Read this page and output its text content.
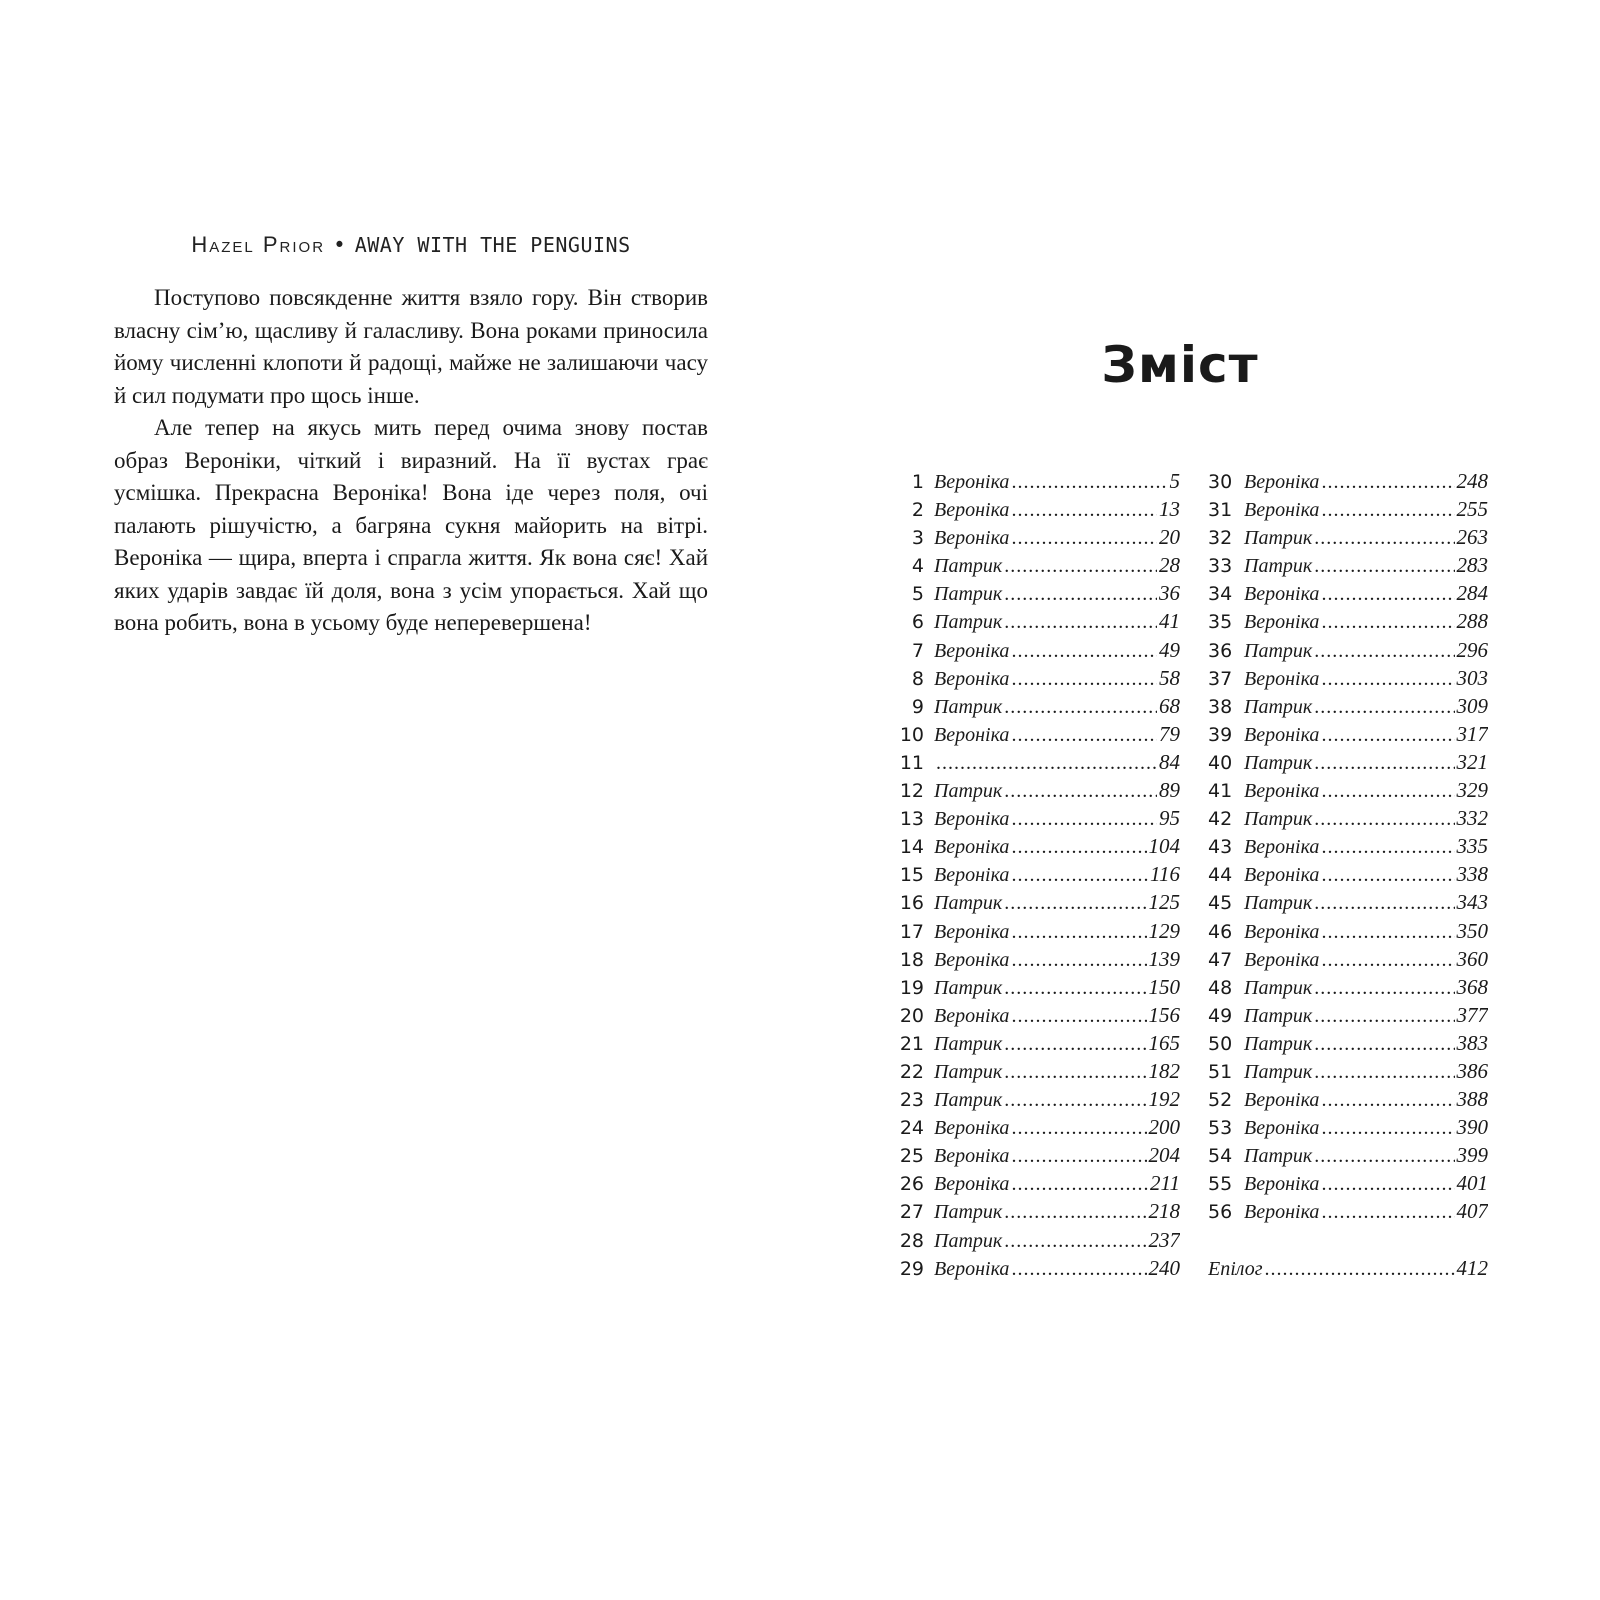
Hazel Prior • AWAY WITH THE PENGUINS

Поступово повсякденне життя взяло гору. Він створив власну сім’ю, щасливу й галасливу. Вона роками приносила йому численні клопоти й радощі, майже не залишаючи часу й сил подумати про щось інше.

Але тепер на якусь мить перед очима знову постав образ Вероніки, чіткий і виразний. На її вустах грає усмішка. Прекрасна Вероніка! Вона іде через поля, очі палають рішучістю, а багряна сукня майорить на вітрі. Вероніка — щира, вперта і спрагла життя. Як вона сяє! Хай яких ударів завдає їй доля, вона з усім упорається. Хай що вона робить, вона в усьому буде неперевершена!

Зміст
1 Вероніка .....	5
2 Вероніка .....	13
3 Вероніка .....	20
4 Патрик .....	28
5 Патрик .....	36
6 Патрик .....	41
7 Вероніка .....	49
8 Вероніка .....	58
9 Патрик .....	68
10 Вероніка .....	79
11 .....	84
12 Патрик .....	89
13 Вероніка .....	95
14 Вероніка .....	104
15 Вероніка .....	116
16 Патрик .....	125
17 Вероніка .....	129
18 Вероніка .....	139
19 Патрик .....	150
20 Вероніка .....	156
21 Патрик .....	165
22 Патрик .....	182
23 Патрик .....	192
24 Вероніка .....	200
25 Вероніка .....	204
26 Вероніка .....	211
27 Патрик .....	218
28 Патрик .....	237
29 Вероніка .....	240
30 Вероніка .....	248
31 Вероніка .....	255
32 Патрик .....	263
33 Патрик .....	283
34 Вероніка .....	284
35 Вероніка .....	288
36 Патрик .....	296
37 Вероніка .....	303
38 Патрик .....	309
39 Вероніка .....	317
40 Патрик .....	321
41 Вероніка .....	329
42 Патрик .....	332
43 Вероніка .....	335
44 Вероніка .....	338
45 Патрик .....	343
46 Вероніка .....	350
47 Вероніка .....	360
48 Патрик .....	368
49 Патрик .....	377
50 Патрик .....	383
51 Патрик .....	386
52 Вероніка .....	388
53 Вероніка .....	390
54 Патрик .....	399
55 Вероніка .....	401
56 Вероніка .....	407
Епілог .....	412
